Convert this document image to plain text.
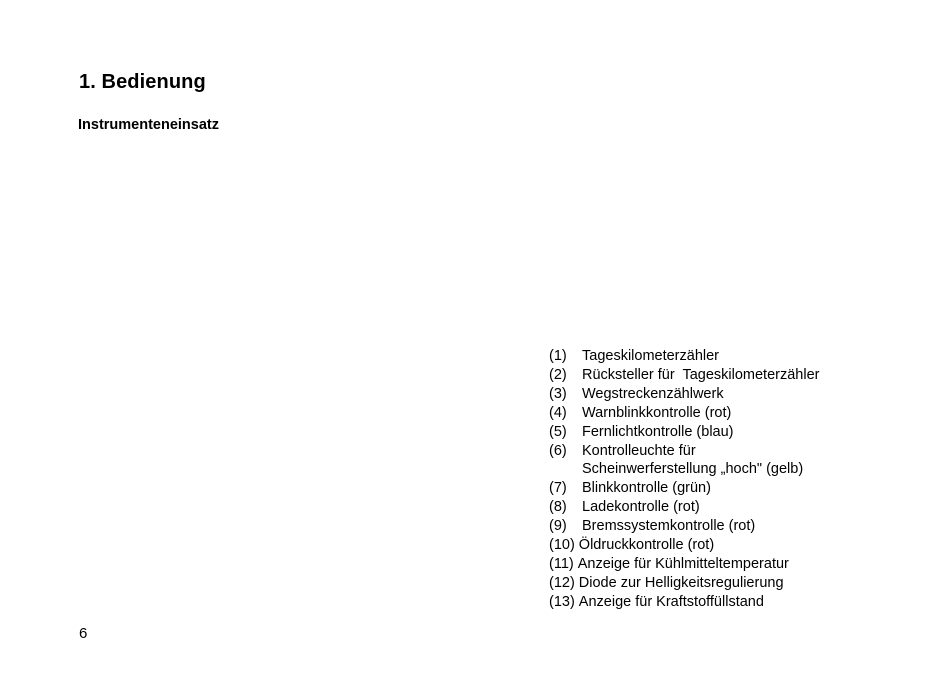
1. Bedienung
Instrumenteneinsatz
(1)	Tageskilometerzähler
(2)	Rücksteller für  Tageskilometerzähler
(3)	Wegstreckenzählwerk
(4)	Warnblinkkontrolle (rot)
(5)	Fernlichtkontrolle (blau)
(6)	Kontrolleuchte für
Scheinwerferstellung „hoch" (gelb)
(7)	Blinkkontrolle (grün)
(8)	Ladekontrolle (rot)
(9)	Bremssystemkontrolle (rot)
(10) Öldruckkontrolle (rot)
(11) Anzeige für Kühlmitteltemperatur
(12) Diode zur Helligkeitsregulierung
(13) Anzeige für Kraftstoffüllstand
6
